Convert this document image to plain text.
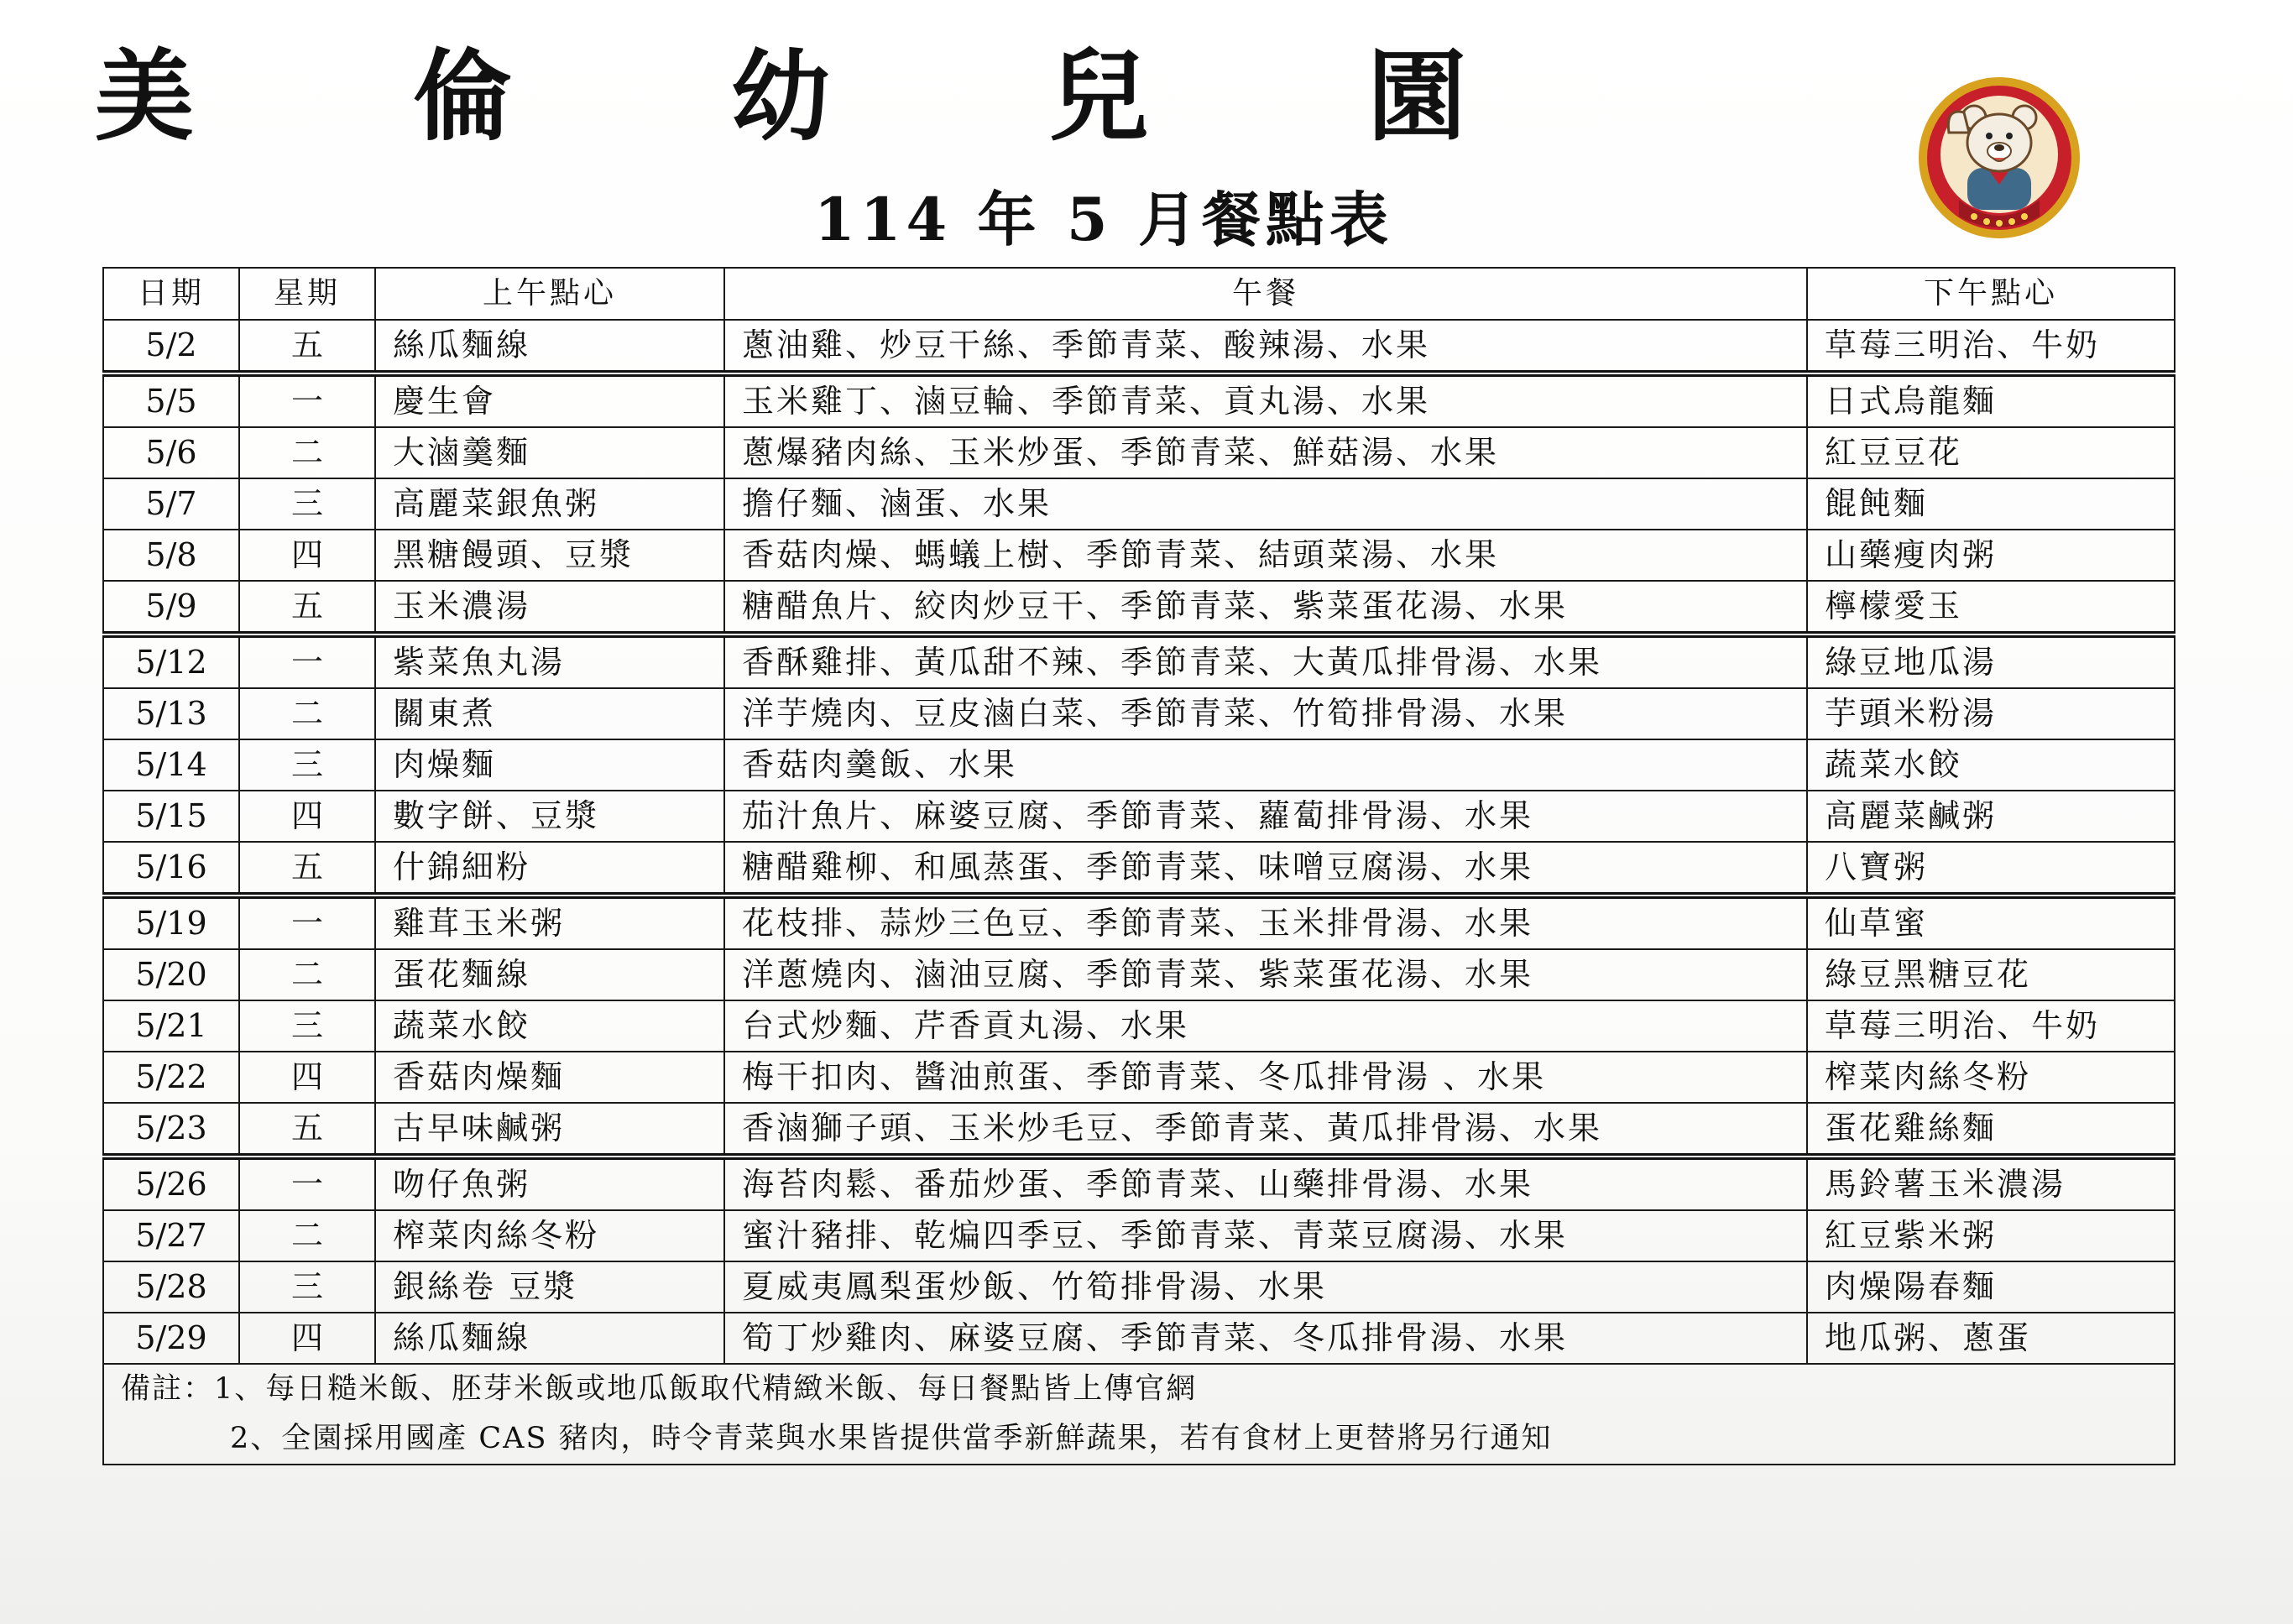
美 倫 幼 兒 園
114 年 5 月餐點表
日期	星期	上午點心	午餐	下午點心
5/2	五	絲瓜麵線	蔥油雞、炒豆干絲、季節青菜、酸辣湯、水果	草莓三明治、牛奶
5/5	一	慶生會	玉米雞丁、滷豆輪、季節青菜、貢丸湯、水果	日式烏龍麵
5/6	二	大滷羹麵	蔥爆豬肉絲、玉米炒蛋、季節青菜、鮮菇湯、水果	紅豆豆花
5/7	三	高麗菜銀魚粥	擔仔麵、滷蛋、水果	餛飩麵
5/8	四	黑糖饅頭、豆漿	香菇肉燥、螞蟻上樹、季節青菜、結頭菜湯、水果	山藥瘦肉粥
5/9	五	玉米濃湯	糖醋魚片、絞肉炒豆干、季節青菜、紫菜蛋花湯、水果	檸檬愛玉
5/12	一	紫菜魚丸湯	香酥雞排、黃瓜甜不辣、季節青菜、大黃瓜排骨湯、水果	綠豆地瓜湯
5/13	二	關東煮	洋芋燒肉、豆皮滷白菜、季節青菜、竹筍排骨湯、水果	芋頭米粉湯
5/14	三	肉燥麵	香菇肉羹飯、水果	蔬菜水餃
5/15	四	數字餅、豆漿	茄汁魚片、麻婆豆腐、季節青菜、蘿蔔排骨湯、水果	高麗菜鹹粥
5/16	五	什錦細粉	糖醋雞柳、和風蒸蛋、季節青菜、味噌豆腐湯、水果	八寶粥
5/19	一	雞茸玉米粥	花枝排、蒜炒三色豆、季節青菜、玉米排骨湯、水果	仙草蜜
5/20	二	蛋花麵線	洋蔥燒肉、滷油豆腐、季節青菜、紫菜蛋花湯、水果	綠豆黑糖豆花
5/21	三	蔬菜水餃	台式炒麵、芹香貢丸湯、水果	草莓三明治、牛奶
5/22	四	香菇肉燥麵	梅干扣肉、醬油煎蛋、季節青菜、冬瓜排骨湯 、水果	榨菜肉絲冬粉
5/23	五	古早味鹹粥	香滷獅子頭、玉米炒毛豆、季節青菜、黃瓜排骨湯、水果	蛋花雞絲麵
5/26	一	吻仔魚粥	海苔肉鬆、番茄炒蛋、季節青菜、山藥排骨湯、水果	馬鈴薯玉米濃湯
5/27	二	榨菜肉絲冬粉	蜜汁豬排、乾煸四季豆、季節青菜、青菜豆腐湯、水果	紅豆紫米粥
5/28	三	銀絲卷 豆漿	夏威夷鳳梨蛋炒飯、竹筍排骨湯、水果	肉燥陽春麵
5/29	四	絲瓜麵線	筍丁炒雞肉、麻婆豆腐、季節青菜、冬瓜排骨湯、水果	地瓜粥、蔥蛋

備註：1、每日糙米飯、胚芽米飯或地瓜飯取代精緻米飯、每日餐點皆上傳官網
2、全園採用國產 CAS 豬肉，時令青菜與水果皆提供當季新鮮蔬果，若有食材上更替將另行通知				
